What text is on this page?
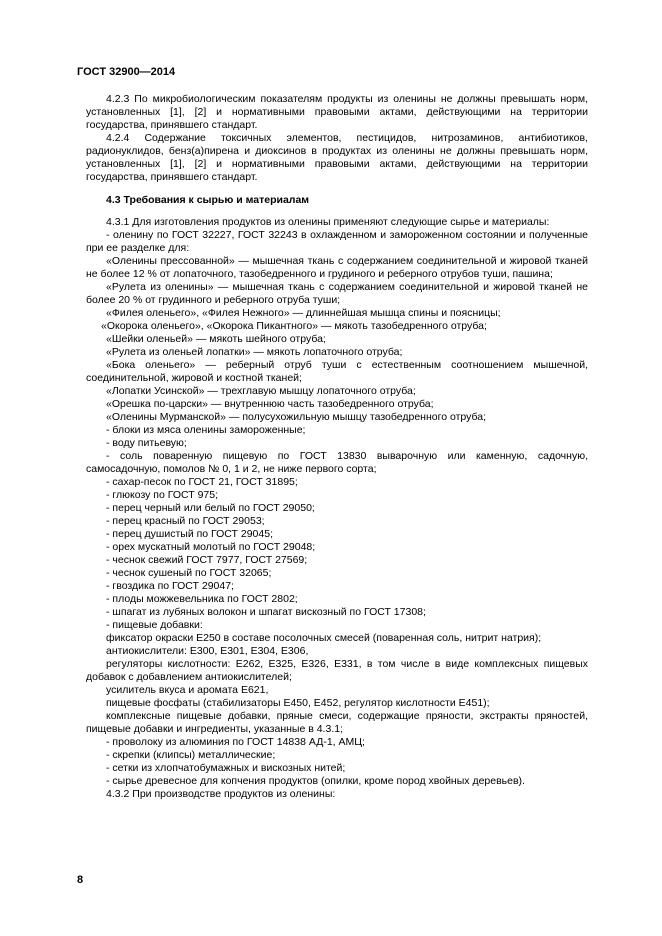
ГОСТ 32900—2014

4.2.3 По микробиологическим показателям продукты из оленины не должны превышать норм, установленных [1], [2] и нормативными правовыми актами, действующими на территории государства, принявшего стандарт.

4.2.4 Содержание токсичных элементов, пестицидов, нитрозаминов, антибиотиков, радионуклидов, бенз(а)пирена и диоксинов в продуктах из оленины не должны превышать норм, установленных [1], [2] и нормативными правовыми актами, действующими на территории государства, принявшего стандарт.

4.3 Требования к сырью и материалам

4.3.1 Для изготовления продуктов из оленины применяют следующие сырье и материалы:

- оленину по ГОСТ 32227, ГОСТ 32243 в охлажденном и замороженном состоянии и полученные при ее разделке для:

«Оленины прессованной» — мышечная ткань с содержанием соединительной и жировой тканей не более 12 % от лопаточного, тазобедренного и грудиного и реберного отрубов туши, пашина;

«Рулета из оленины» — мышечная ткань с содержанием соединительной и жировой тканей не более 20 % от грудинного и реберного отруба туши;

«Филея оленьего», «Филея Нежного» — длиннейшая мышца спины и поясницы;

«Окорока оленьего», «Окорока Пикантного» — мякоть тазобедренного отруба;

«Шейки оленьей» — мякоть шейного отруба;

«Рулета из оленьей лопатки» — мякоть лопаточного отруба;

«Бока оленьего» — реберный отруб туши с естественным соотношением мышечной, соединительной, жировой и костной тканей;

«Лопатки Усинской» — трехглавую мышцу лопаточного отруба;

«Орешка по-царски» — внутреннюю часть тазобедренного отруба;

«Оленины Мурманской» — полусухожильную мышцу тазобедренного отруба;

- блоки из мяса оленины замороженные;

- воду питьевую;

- соль поваренную пищевую по ГОСТ 13830 выварочную или каменную, садочную, самосадочную, помолов № 0, 1 и 2, не ниже первого сорта;

- сахар-песок по ГОСТ 21, ГОСТ 31895;

- глюкозу по ГОСТ 975;

- перец черный или белый по ГОСТ 29050;

- перец красный по ГОСТ 29053;

- перец душистый по ГОСТ 29045;

- орех мускатный молотый по ГОСТ 29048;

- чеснок свежий ГОСТ 7977, ГОСТ 27569;

- чеснок сушеный по ГОСТ 32065;

- гвоздика по ГОСТ 29047;

- плоды можжевельника по ГОСТ 2802;

- шпагат из лубяных волокон и шпагат вискозный по ГОСТ 17308;

- пищевые добавки:

фиксатор окраски Е250 в составе посолочных смесей (поваренная соль, нитрит натрия);

антиокислители: Е300, Е301, Е304, Е306,

регуляторы кислотности: Е262, Е325, Е326, Е331, в том числе в виде комплексных пищевых добавок с добавлением антиокислителей;

усилитель вкуса и аромата Е621,

пищевые фосфаты (стабилизаторы Е450, Е452, регулятор кислотности Е451);

комплексные пищевые добавки, пряные смеси, содержащие пряности, экстракты пряностей, пищевые добавки и ингредиенты, указанные в 4.3.1;

- проволоку из алюминия по ГОСТ 14838 АД-1, АМЦ;

- скрепки (клипсы) металлические;

- сетки из хлопчатобумажных и вискозных нитей;

- сырье древесное для копчения продуктов (опилки, кроме пород хвойных деревьев).

4.3.2 При производстве продуктов из оленины:

8
